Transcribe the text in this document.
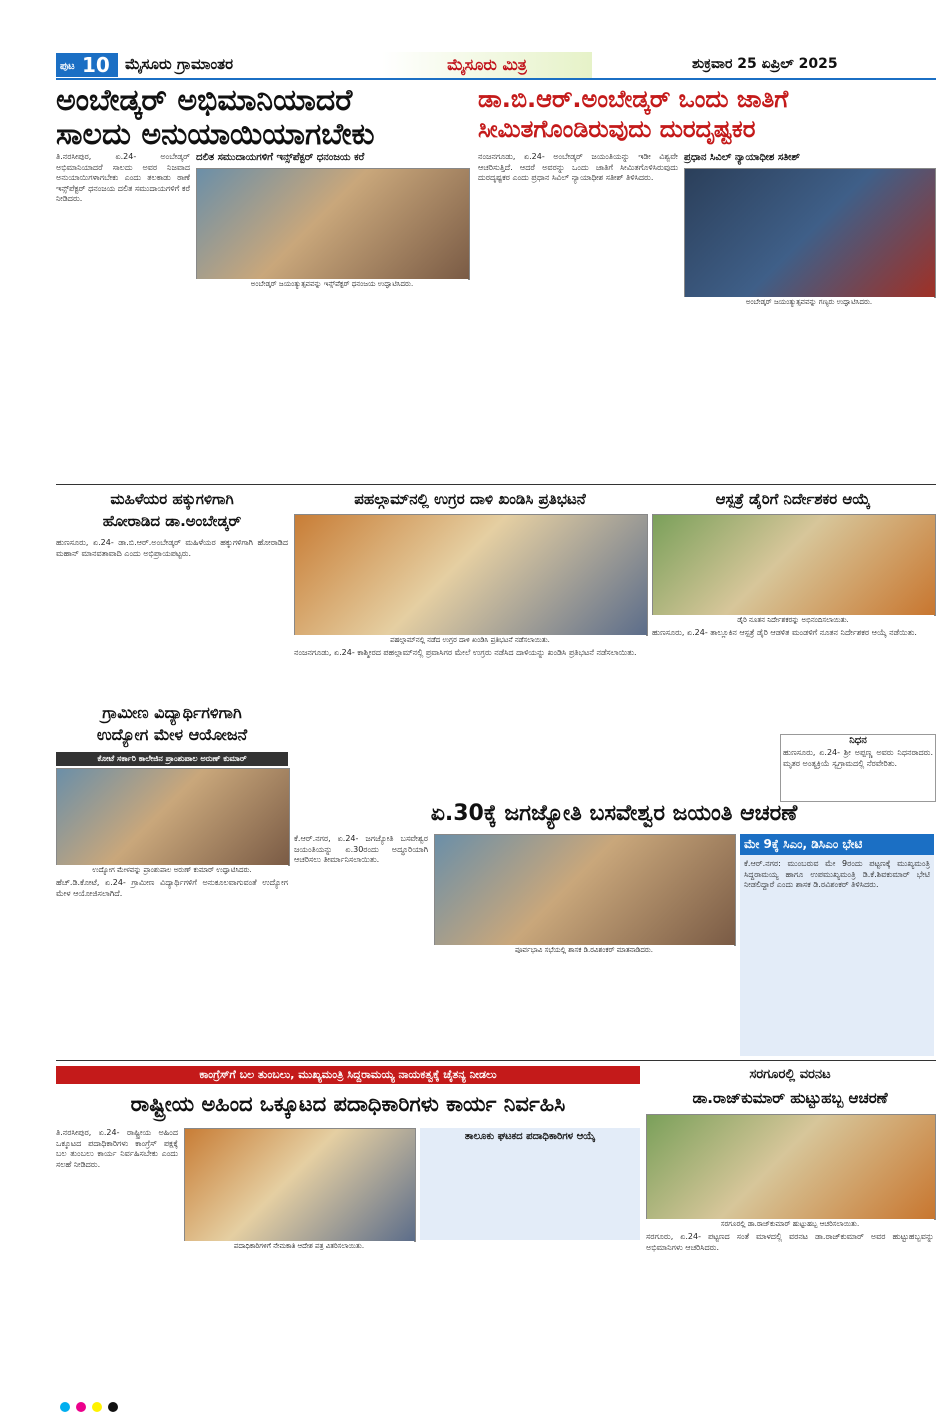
ಪುಟ 10 ಮೈಸೂರು ಗ್ರಾಮಾಂತರ	ಮೈಸೂರು ಮಿತ್ರ	ಶುಕ್ರವಾರ 25 ಏಪ್ರಿಲ್ 2025
ಅಂಬೇಡ್ಕರ್ ಅಭಿಮಾನಿಯಾದರೆ
ಸಾಲದು ಅನುಯಾಯಿಯಾಗಬೇಕು
ತಿ.ನರಸೀಪುರ, ಏ.24- ಅಂಬೇಡ್ಕರ್ ಅಭಿಮಾನಿಯಾದರೆ ಸಾಲದು ಅವರ ನಿಜವಾದ ಅನುಯಾಯಿಗಳಾಗಬೇಕು ಎಂದು ತಲಕಾಡು ಠಾಣೆ ಇನ್ಸ್‌ಪೆಕ್ಟರ್ ಧನಂಜಯ ದಲಿತ ಸಮುದಾಯಗಳಿಗೆ ಕರೆ ನೀಡಿದರು.
ದಲಿತ ಸಮುದಾಯಗಳಿಗೆ ಇನ್ಸ್‌ಪೆಕ್ಟರ್ ಧನಂಜಯ ಕರೆ
ಅಂಬೇಡ್ಕರ್ ಜಯಂತ್ಯುತ್ಸವವನ್ನು ಇನ್ಸ್‌ಪೆಕ್ಟರ್ ಧನಂಜಯ ಉದ್ಘಾಟಿಸಿದರು.
ಡಾ.ಬಿ.ಆರ್.ಅಂಬೇಡ್ಕರ್ ಒಂದು ಜಾತಿಗೆ
ಸೀಮಿತಗೊಂಡಿರುವುದು ದುರದೃಷ್ಟಕರ
ನಂಜನಗೂಡು, ಏ.24- ಅಂಬೇಡ್ಕರ್ ಜಯಂತಿಯನ್ನು ಇಡೀ ವಿಶ್ವವೇ ಆಚರಿಸುತ್ತಿದೆ. ಆದರೆ ಅವರನ್ನು ಒಂದು ಜಾತಿಗೆ ಸೀಮಿತಗೊಳಿಸಿರುವುದು ದುರದೃಷ್ಟಕರ ಎಂದು ಪ್ರಧಾನ ಸಿವಿಲ್ ನ್ಯಾಯಾಧೀಶ ಸತೀಶ್ ತಿಳಿಸಿದರು.
ಪ್ರಧಾನ ಸಿವಿಲ್ ನ್ಯಾಯಾಧೀಶ ಸತೀಶ್
ಅಂಬೇಡ್ಕರ್ ಜಯಂತ್ಯುತ್ಸವವನ್ನು ಗಣ್ಯರು ಉದ್ಘಾಟಿಸಿದರು.
ಮಹಿಳೆಯರ ಹಕ್ಕುಗಳಿಗಾಗಿ
ಹೋರಾಡಿದ ಡಾ.ಅಂಬೇಡ್ಕರ್
ಹುಣಸೂರು, ಏ.24- ಡಾ.ಬಿ.ಆರ್.ಅಂಬೇಡ್ಕರ್ ಮಹಿಳೆಯರ ಹಕ್ಕುಗಳಿಗಾಗಿ ಹೋರಾಡಿದ ಮಹಾನ್ ಮಾನವತಾವಾದಿ ಎಂದು ಅಭಿಪ್ರಾಯಪಟ್ಟರು.
ಪಹಲ್ಗಾಮ್‌ನಲ್ಲಿ ಉಗ್ರರ ದಾಳಿ ಖಂಡಿಸಿ ಪ್ರತಿಭಟನೆ
ಪಹಲ್ಗಾಮ್‌ನಲ್ಲಿ ನಡೆದ ಉಗ್ರರ ದಾಳಿ ಖಂಡಿಸಿ ಪ್ರತಿಭಟನೆ ನಡೆಸಲಾಯಿತು.
ನಂಜನಗೂಡು, ಏ.24- ಕಾಶ್ಮೀರದ ಪಹಲ್ಗಾಮ್‌ನಲ್ಲಿ ಪ್ರವಾಸಿಗರ ಮೇಲೆ ಉಗ್ರರು ನಡೆಸಿದ ದಾಳಿಯನ್ನು ಖಂಡಿಸಿ ಪ್ರತಿಭಟನೆ ನಡೆಸಲಾಯಿತು.
ಆಸ್ಪತ್ರೆ ಡೈರಿಗೆ ನಿರ್ದೇಶಕರ ಆಯ್ಕೆ
ಡೈರಿ ನೂತನ ನಿರ್ದೇಶಕರನ್ನು ಅಭಿನಂದಿಸಲಾಯಿತು.
ಹುಣಸೂರು, ಏ.24- ತಾಲ್ಲೂಕಿನ ಆಸ್ಪತ್ರೆ ಡೈರಿ ಆಡಳಿತ ಮಂಡಳಿಗೆ ನೂತನ ನಿರ್ದೇಶಕರ ಆಯ್ಕೆ ನಡೆಯಿತು.
ನಿಧನ
ಹುಣಸೂರು, ಏ.24- ಶ್ರೀ ಅಪ್ಪಣ್ಣ ಅವರು ನಿಧನರಾದರು. ಮೃತರ ಅಂತ್ಯಕ್ರಿಯೆ ಸ್ವಗ್ರಾಮದಲ್ಲಿ ನೆರವೇರಿತು.
ಗ್ರಾಮೀಣ ವಿದ್ಯಾರ್ಥಿಗಳಿಗಾಗಿ
ಉದ್ಯೋಗ ಮೇಳ ಆಯೋಜನೆ
ಕೋಟೆ ಸರ್ಕಾರಿ ಕಾಲೇಜಿನ ಪ್ರಾಂಶುಪಾಲ ಅರುಣ್ ಕುಮಾರ್
ಉದ್ಯೋಗ ಮೇಳವನ್ನು ಪ್ರಾಂಶುಪಾಲ ಅರುಣ್ ಕುಮಾರ್ ಉದ್ಘಾಟಿಸಿದರು.
ಹೆಚ್.ಡಿ.ಕೋಟೆ, ಏ.24- ಗ್ರಾಮೀಣ ವಿದ್ಯಾರ್ಥಿಗಳಿಗೆ ಅನುಕೂಲವಾಗುವಂತೆ ಉದ್ಯೋಗ ಮೇಳ ಆಯೋಜಿಸಲಾಗಿದೆ.
ಏ.30ಕ್ಕೆ ಜಗಜ್ಯೋತಿ ಬಸವೇಶ್ವರ ಜಯಂತಿ ಆಚರಣೆ
ಪೂರ್ವಭಾವಿ ಸಭೆಯಲ್ಲಿ ಶಾಸಕ ಡಿ.ರವಿಶಂಕರ್ ಮಾತನಾಡಿದರು.
ಕೆ.ಆರ್.ನಗರ, ಏ.24- ಜಗಜ್ಯೋತಿ ಬಸವೇಶ್ವರ ಜಯಂತಿಯನ್ನು ಏ.30ರಂದು ಅದ್ಧೂರಿಯಾಗಿ ಆಚರಿಸಲು ತೀರ್ಮಾನಿಸಲಾಯಿತು.
ಮೇ 9ಕ್ಕೆ ಸಿಎಂ, ಡಿಸಿಎಂ ಭೇಟಿ
ಕೆ.ಆರ್.ನಗರ: ಮುಂಬರುವ ಮೇ 9ರಂದು ಪಟ್ಟಣಕ್ಕೆ ಮುಖ್ಯಮಂತ್ರಿ ಸಿದ್ದರಾಮಯ್ಯ ಹಾಗೂ ಉಪಮುಖ್ಯಮಂತ್ರಿ ಡಿ.ಕೆ.ಶಿವಕುಮಾರ್ ಭೇಟಿ ನೀಡಲಿದ್ದಾರೆ ಎಂದು ಶಾಸಕ ಡಿ.ರವಿಶಂಕರ್ ತಿಳಿಸಿದರು.
ಕಾಂಗ್ರೆಸ್‌ಗೆ ಬಲ ತುಂಬಲು, ಮುಖ್ಯಮಂತ್ರಿ ಸಿದ್ದರಾಮಯ್ಯ ನಾಯಕತ್ವಕ್ಕೆ ಚೈತನ್ಯ ನೀಡಲು
ರಾಷ್ಟ್ರೀಯ ಅಹಿಂದ ಒಕ್ಕೂಟದ ಪದಾಧಿಕಾರಿಗಳು ಕಾರ್ಯ ನಿರ್ವಹಿಸಿ
ತಿ.ನರಸೀಪುರ, ಏ.24- ರಾಷ್ಟ್ರೀಯ ಅಹಿಂದ ಒಕ್ಕೂಟದ ಪದಾಧಿಕಾರಿಗಳು ಕಾಂಗ್ರೆಸ್ ಪಕ್ಷಕ್ಕೆ ಬಲ ತುಂಬಲು ಕಾರ್ಯ ನಿರ್ವಹಿಸಬೇಕು ಎಂದು ಸಲಹೆ ನೀಡಿದರು.
ಪದಾಧಿಕಾರಿಗಳಿಗೆ ನೇಮಕಾತಿ ಆದೇಶ ಪತ್ರ ವಿತರಿಸಲಾಯಿತು.
ತಾಲೂಕು ಘಟಕದ ಪದಾಧಿಕಾರಿಗಳ ಆಯ್ಕೆ
ಸರಗೂರಲ್ಲಿ ವರನಟ
ಡಾ.ರಾಜ್‌ಕುಮಾರ್ ಹುಟ್ಟುಹಬ್ಬ ಆಚರಣೆ
ಸರಗೂರಲ್ಲಿ ಡಾ.ರಾಜ್‌ಕುಮಾರ್ ಹುಟ್ಟುಹಬ್ಬ ಆಚರಿಸಲಾಯಿತು.
ಸರಗೂರು, ಏ.24- ಪಟ್ಟಣದ ಸಂತೆ ಮಾಳದಲ್ಲಿ ವರನಟ ಡಾ.ರಾಜ್‌ಕುಮಾರ್ ಅವರ ಹುಟ್ಟುಹಬ್ಬವನ್ನು ಅಭಿಮಾನಿಗಳು ಆಚರಿಸಿದರು.
